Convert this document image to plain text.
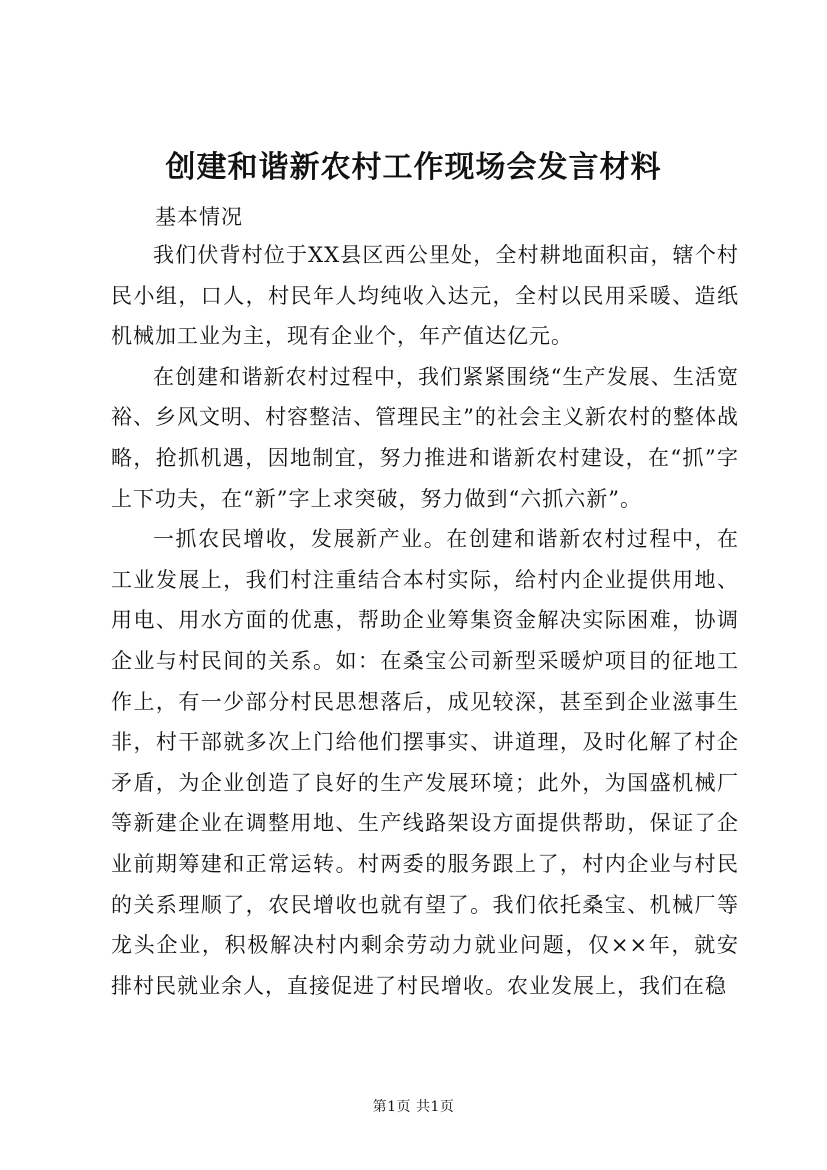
创建和谐新农村工作现场会发言材料

基本情况

我们伏背村位于XX县区西公里处，全村耕地面积亩，辖个村民小组，口人，村民年人均纯收入达元，全村以民用采暖、造纸机械加工业为主，现有企业个，年产值达亿元。

在创建和谐新农村过程中，我们紧紧围绕“生产发展、生活宽裕、乡风文明、村容整洁、管理民主”的社会主义新农村的整体战略，抢抓机遇，因地制宜，努力推进和谐新农村建设，在“抓”字上下功夫，在“新”字上求突破，努力做到“六抓六新”。

一抓农民增收，发展新产业。在创建和谐新农村过程中，在工业发展上，我们村注重结合本村实际，给村内企业提供用地、用电、用水方面的优惠，帮助企业筹集资金解决实际困难，协调企业与村民间的关系。如：在桑宝公司新型采暖炉项目的征地工作上，有一少部分村民思想落后，成见较深，甚至到企业滋事生非，村干部就多次上门给他们摆事实、讲道理，及时化解了村企矛盾，为企业创造了良好的生产发展环境；此外，为国盛机械厂等新建企业在调整用地、生产线路架设方面提供帮助，保证了企业前期筹建和正常运转。村两委的服务跟上了，村内企业与村民的关系理顺了，农民增收也就有望了。我们依托桑宝、机械厂等龙头企业，积极解决村内剩余劳动力就业问题，仅××年，就安排村民就业余人，直接促进了村民增收。农业发展上，我们在稳

第1页 共1页
